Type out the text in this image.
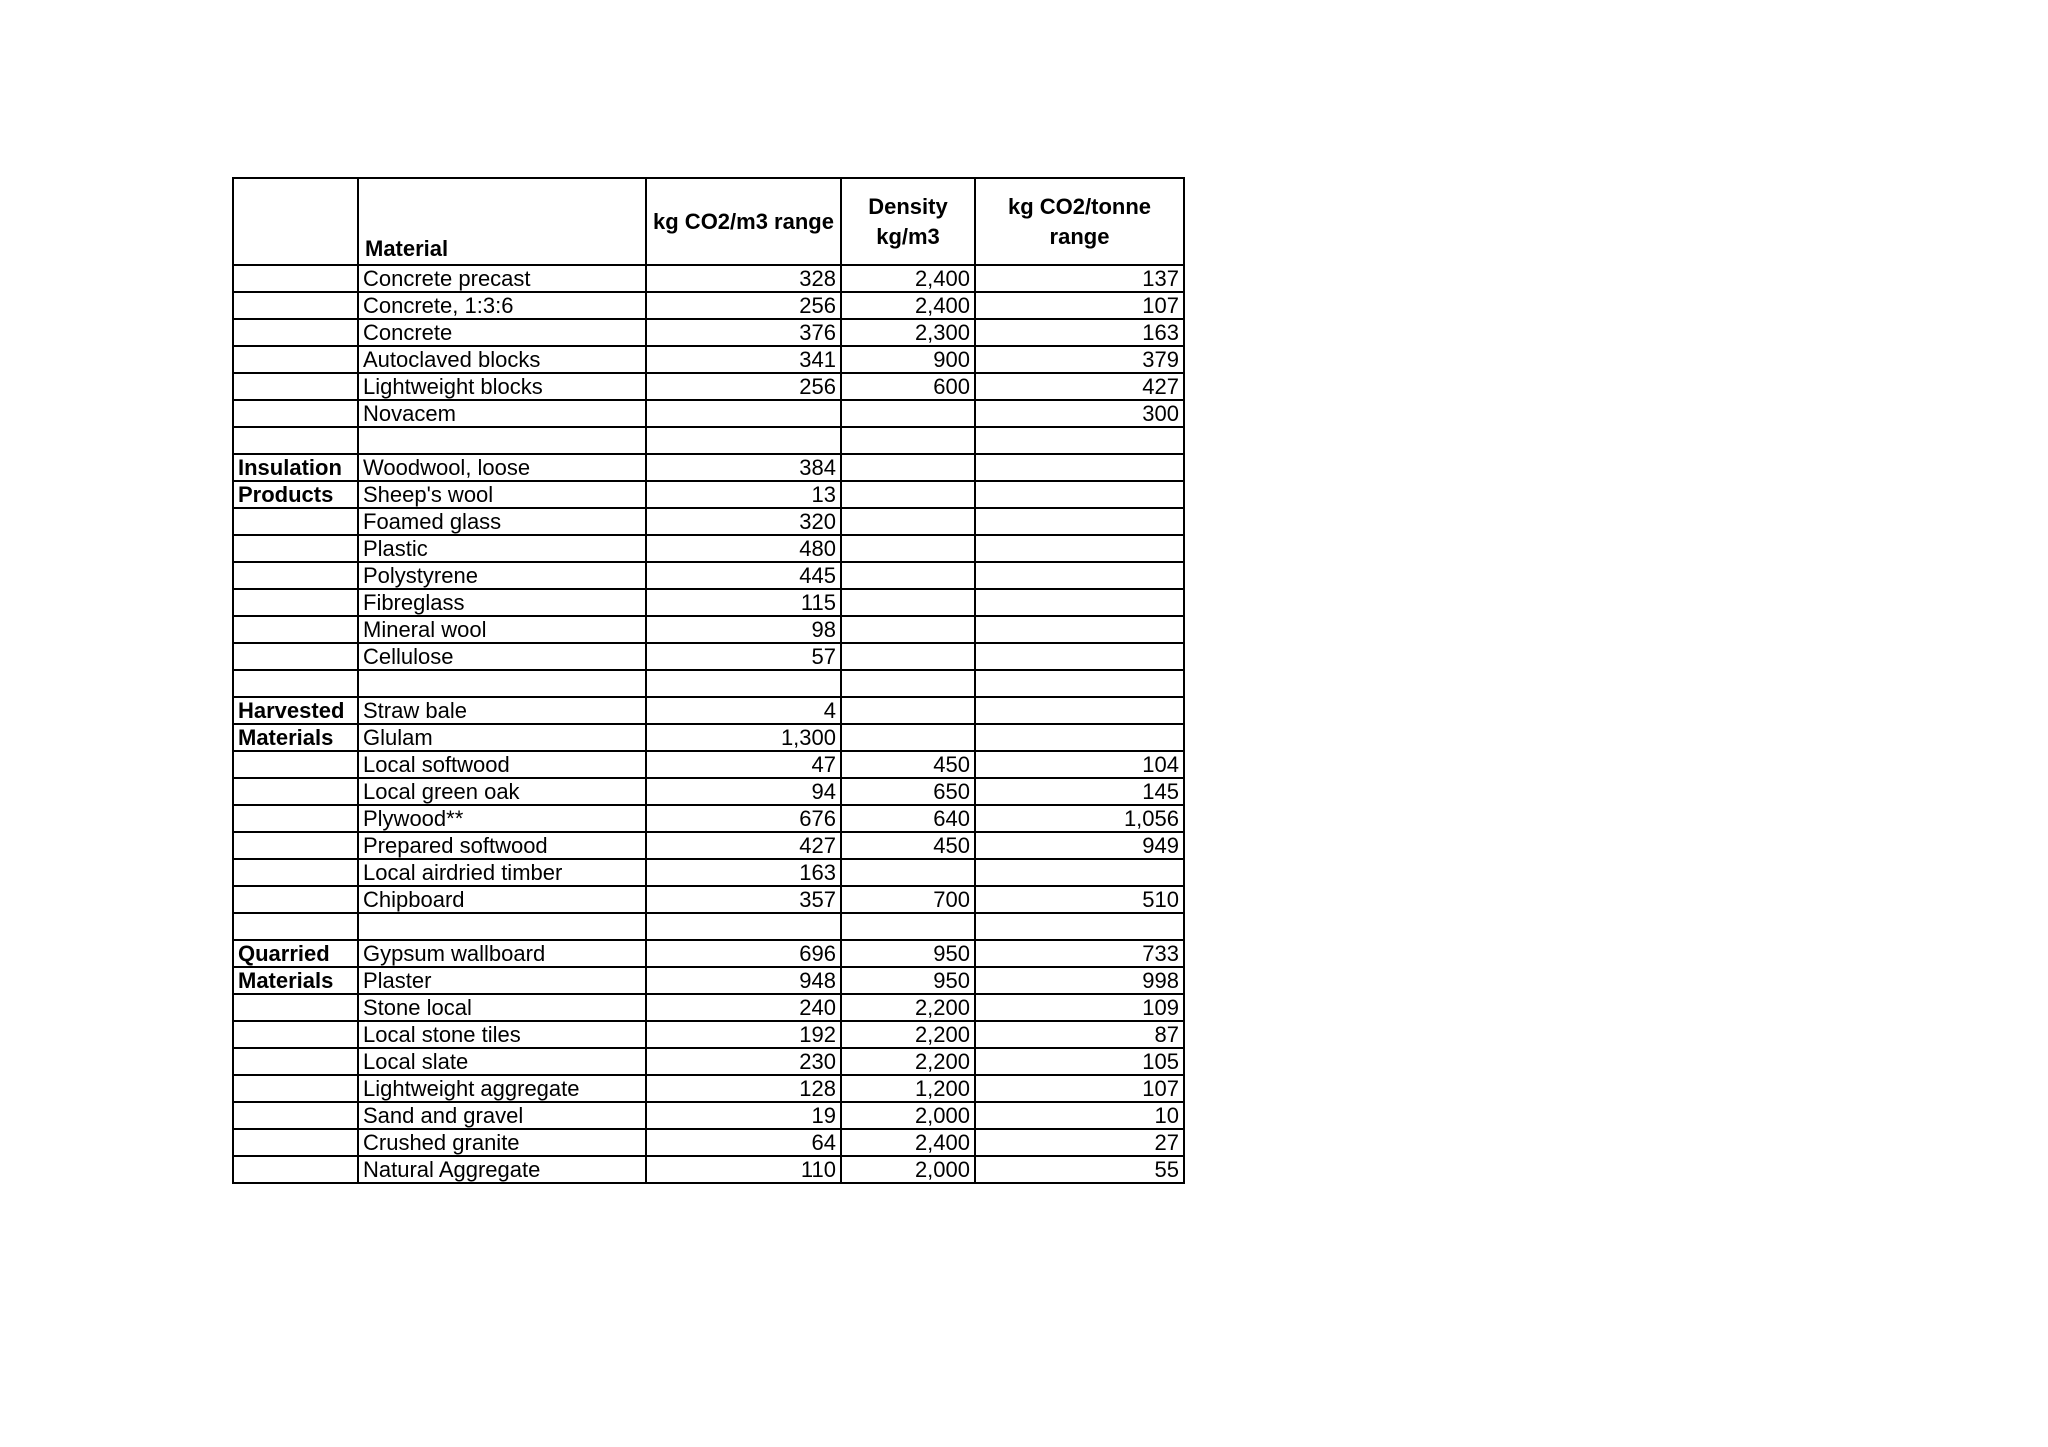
	Material	kg CO2/m3 range	Density kg/m3	kg CO2/tonne range
	Concrete precast	328	2,400	137
	Concrete, 1:3:6	256	2,400	107
	Concrete	376	2,300	163
	Autoclaved blocks	341	900	379
	Lightweight blocks	256	600	427
	Novacem			300

Insulation	Woodwool, loose	384		
Products	Sheep's wool	13		
	Foamed glass	320		
	Plastic	480		
	Polystyrene	445		
	Fibreglass	115		
	Mineral wool	98		
	Cellulose	57		

Harvested	Straw bale	4		
Materials	Glulam	1,300		
	Local softwood	47	450	104
	Local green oak	94	650	145
	Plywood**	676	640	1,056
	Prepared softwood	427	450	949
	Local airdried timber	163		
	Chipboard	357	700	510

Quarried	Gypsum wallboard	696	950	733
Materials	Plaster	948	950	998
	Stone local	240	2,200	109
	Local stone tiles	192	2,200	87
	Local slate	230	2,200	105
	Lightweight aggregate	128	1,200	107
	Sand and gravel	19	2,000	10
	Crushed granite	64	2,400	27
	Natural Aggregate	110	2,000	55
